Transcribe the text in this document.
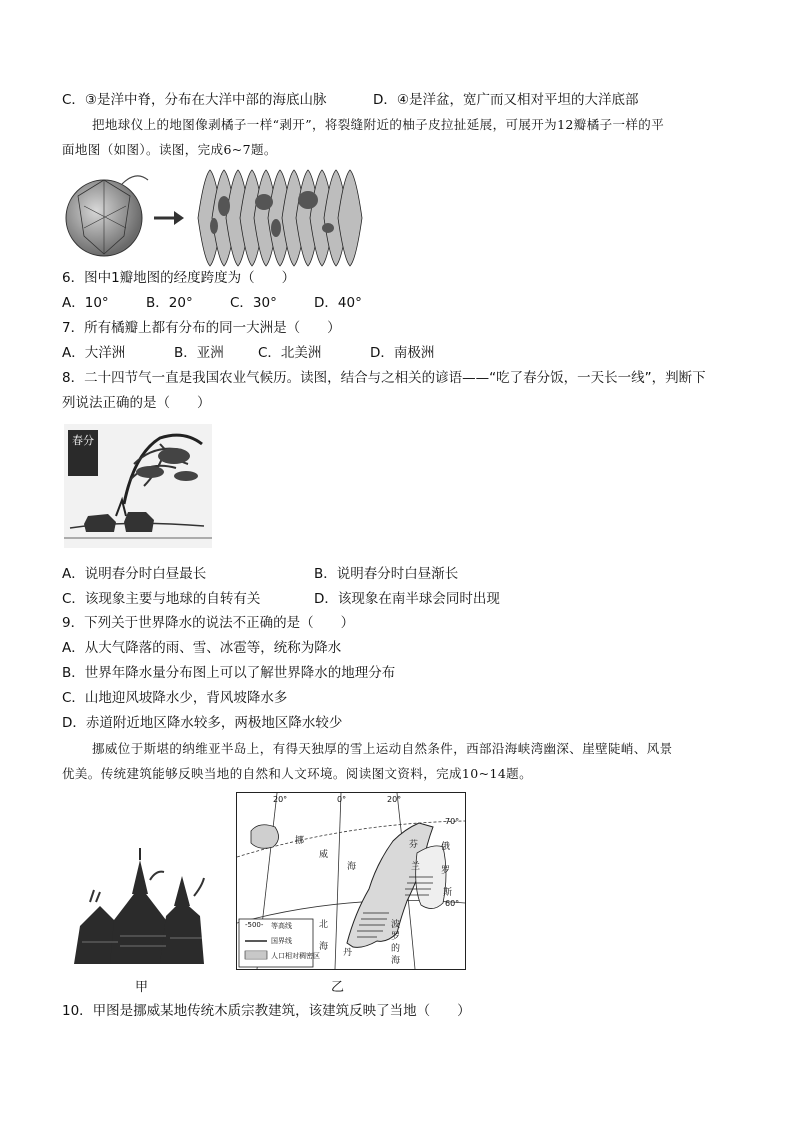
C．③是洋中脊，分布在大洋中部的海底山脉	D．④是洋盆，宽广而又相对平坦的大洋底部
把地球仪上的地图像剥橘子一样“剥开”，将裂缝附近的柚子皮拉扯延展，可展开为12瓣橘子一样的平
面地图（如图）。读图，完成6~7题。
6．图中1瓣地图的经度跨度为（　　）
A．10°	B．20°	C．30°	D．40°
7．所有橘瓣上都有分布的同一大洲是（　　）
A．大洋洲	B．亚洲	C．北美洲	D．南极洲
8．二十四节气一直是我国农业气候历。读图，结合与之相关的谚语——“吃了春分饭，一天长一线”，判断下
列说法正确的是（　　）
春分
A．说明春分时白昼最长	B．说明春分时白昼渐长
C．该现象主要与地球的自转有关	D．该现象在南半球会同时出现
9．下列关于世界降水的说法不正确的是（　　）
A．从大气降落的雨、雪、冰雹等，统称为降水
B．世界年降水量分布图上可以了解世界降水的地理分布
C．山地迎风坡降水少，背风坡降水多
D．赤道附近地区降水较多，两极地区降水较少
挪威位于斯堪的纳维亚半岛上，有得天独厚的雪上运动自然条件，西部沿海峡湾幽深、崖壁陡峭、风景
优美。传统建筑能够反映当地的自然和人文环境。阅读图文资料，完成10~14题。
甲
20°	0°	20°
70°
60°
挪
威
海
芬
兰
俄
罗
斯
北
海
波
罗
的
海
丹
-500- 等高线
国界线
人口相对稠密区
乙
10．甲图是挪威某地传统木质宗教建筑，该建筑反映了当地（　　）
